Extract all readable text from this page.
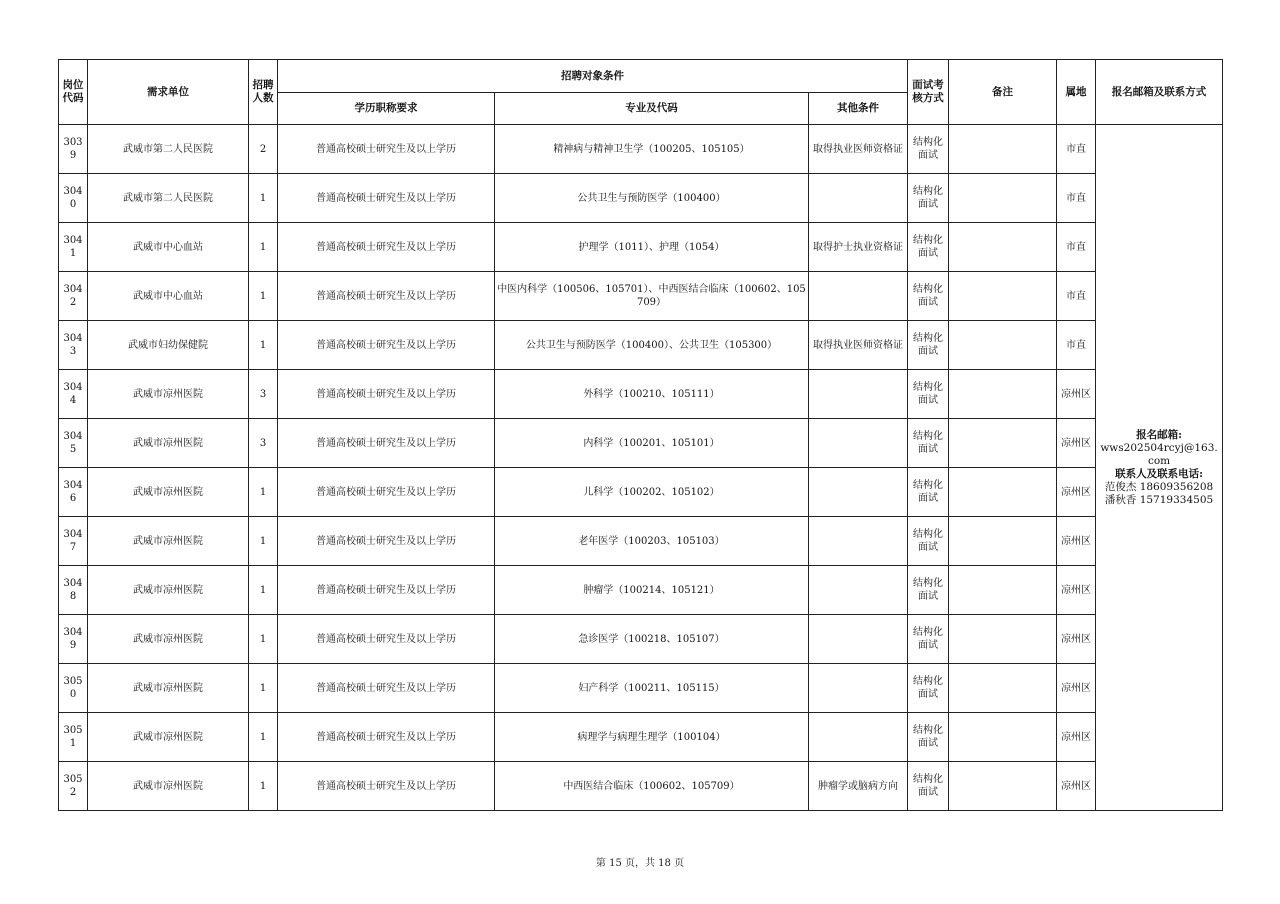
岗位代码	需求单位	招聘人数	招聘对象条件			面试考核方式	备注	属地	报名邮箱及联系方式
			学历职称要求	专业及代码	其他条件				
3039	武威市第二人民医院	2	普通高校硕士研究生及以上学历	精神病与精神卫生学（100205、105105）	取得执业医师资格证	结构化面试		市直	报名邮箱:
wws202504rcyj@163.com
联系人及联系电话:
范俊杰 18609356208
潘秋香 15719334505

3040	武威市第二人民医院	1	普通高校硕士研究生及以上学历	公共卫生与预防医学（100400）		结构化面试		市直	
3041	武威市中心血站	1	普通高校硕士研究生及以上学历	护理学（1011）、护理（1054）	取得护士执业资格证	结构化面试		市直	
3042	武威市中心血站	1	普通高校硕士研究生及以上学历	中医内科学（100506、105701）、中西医结合临床（100602、105709）		结构化面试		市直	
3043	武威市妇幼保健院	1	普通高校硕士研究生及以上学历	公共卫生与预防医学（100400）、公共卫生（105300）	取得执业医师资格证	结构化面试		市直	
3044	武威市凉州医院	3	普通高校硕士研究生及以上学历	外科学（100210、105111）		结构化面试		凉州区	
3045	武威市凉州医院	3	普通高校硕士研究生及以上学历	内科学（100201、105101）		结构化面试		凉州区	
3046	武威市凉州医院	1	普通高校硕士研究生及以上学历	儿科学（100202、105102）		结构化面试		凉州区	
3047	武威市凉州医院	1	普通高校硕士研究生及以上学历	老年医学（100203、105103）		结构化面试		凉州区	
3048	武威市凉州医院	1	普通高校硕士研究生及以上学历	肿瘤学（100214、105121）		结构化面试		凉州区	
3049	武威市凉州医院	1	普通高校硕士研究生及以上学历	急诊医学（100218、105107）		结构化面试		凉州区	
3050	武威市凉州医院	1	普通高校硕士研究生及以上学历	妇产科学（100211、105115）		结构化面试		凉州区	
3051	武威市凉州医院	1	普通高校硕士研究生及以上学历	病理学与病理生理学（100104）		结构化面试		凉州区	
3052	武威市凉州医院	1	普通高校硕士研究生及以上学历	中西医结合临床（100602、105709）	肿瘤学或脑病方向	结构化面试		凉州区	
第 15 页，共 18 页
